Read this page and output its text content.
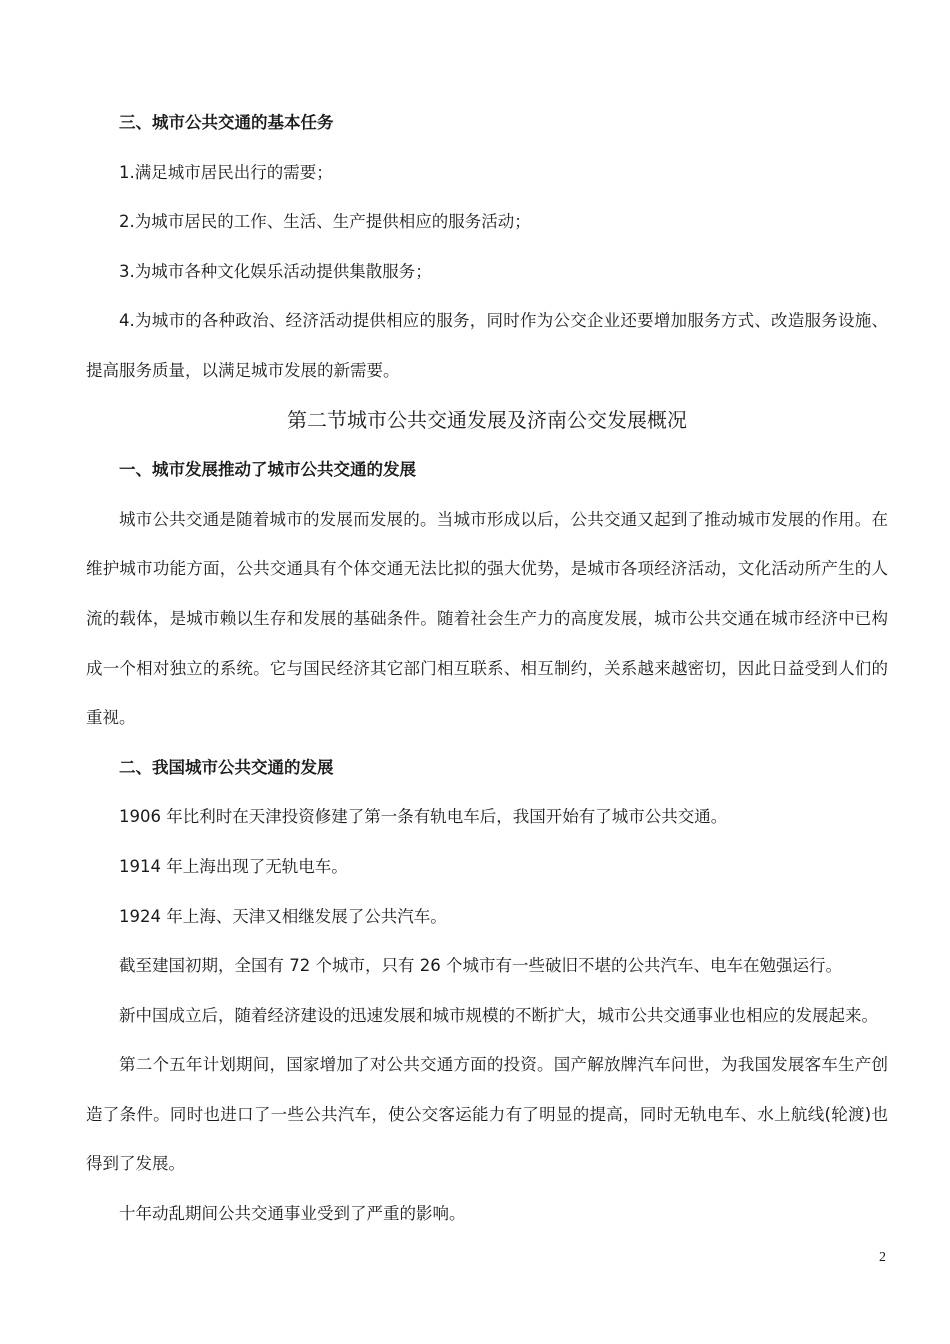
三、城市公共交通的基本任务
1.满足城市居民出行的需要；
2.为城市居民的工作、生活、生产提供相应的服务活动；
3.为城市各种文化娱乐活动提供集散服务；

4.为城市的各种政治、经济活动提供相应的服务，同时作为公交企业还要增加服务方式、改造服务设施、提高服务质量，以满足城市发展的新需要。

第二节城市公共交通发展及济南公交发展概况
一、城市发展推动了城市公共交通的发展

城市公共交通是随着城市的发展而发展的。当城市形成以后，公共交通又起到了推动城市发展的作用。在维护城市功能方面，公共交通具有个体交通无法比拟的强大优势，是城市各项经济活动，文化活动所产生的人流的载体，是城市赖以生存和发展的基础条件。随着社会生产力的高度发展，城市公共交通在城市经济中已构成一个相对独立的系统。它与国民经济其它部门相互联系、相互制约，关系越来越密切，因此日益受到人们的重视。

二、我国城市公共交通的发展

1906 年比利时在天津投资修建了第一条有轨电车后，我国开始有了城市公共交通。

1914 年上海出现了无轨电车。

1924 年上海、天津又相继发展了公共汽车。

截至建国初期，全国有 72 个城市，只有 26 个城市有一些破旧不堪的公共汽车、电车在勉强运行。

新中国成立后，随着经济建设的迅速发展和城市规模的不断扩大，城市公共交通事业也相应的发展起来。

第二个五年计划期间，国家增加了对公共交通方面的投资。国产解放牌汽车问世，为我国发展客车生产创造了条件。同时也进口了一些公共汽车，使公交客运能力有了明显的提高，同时无轨电车、水上航线(轮渡)也得到了发展。

十年动乱期间公共交通事业受到了严重的影响。

2
